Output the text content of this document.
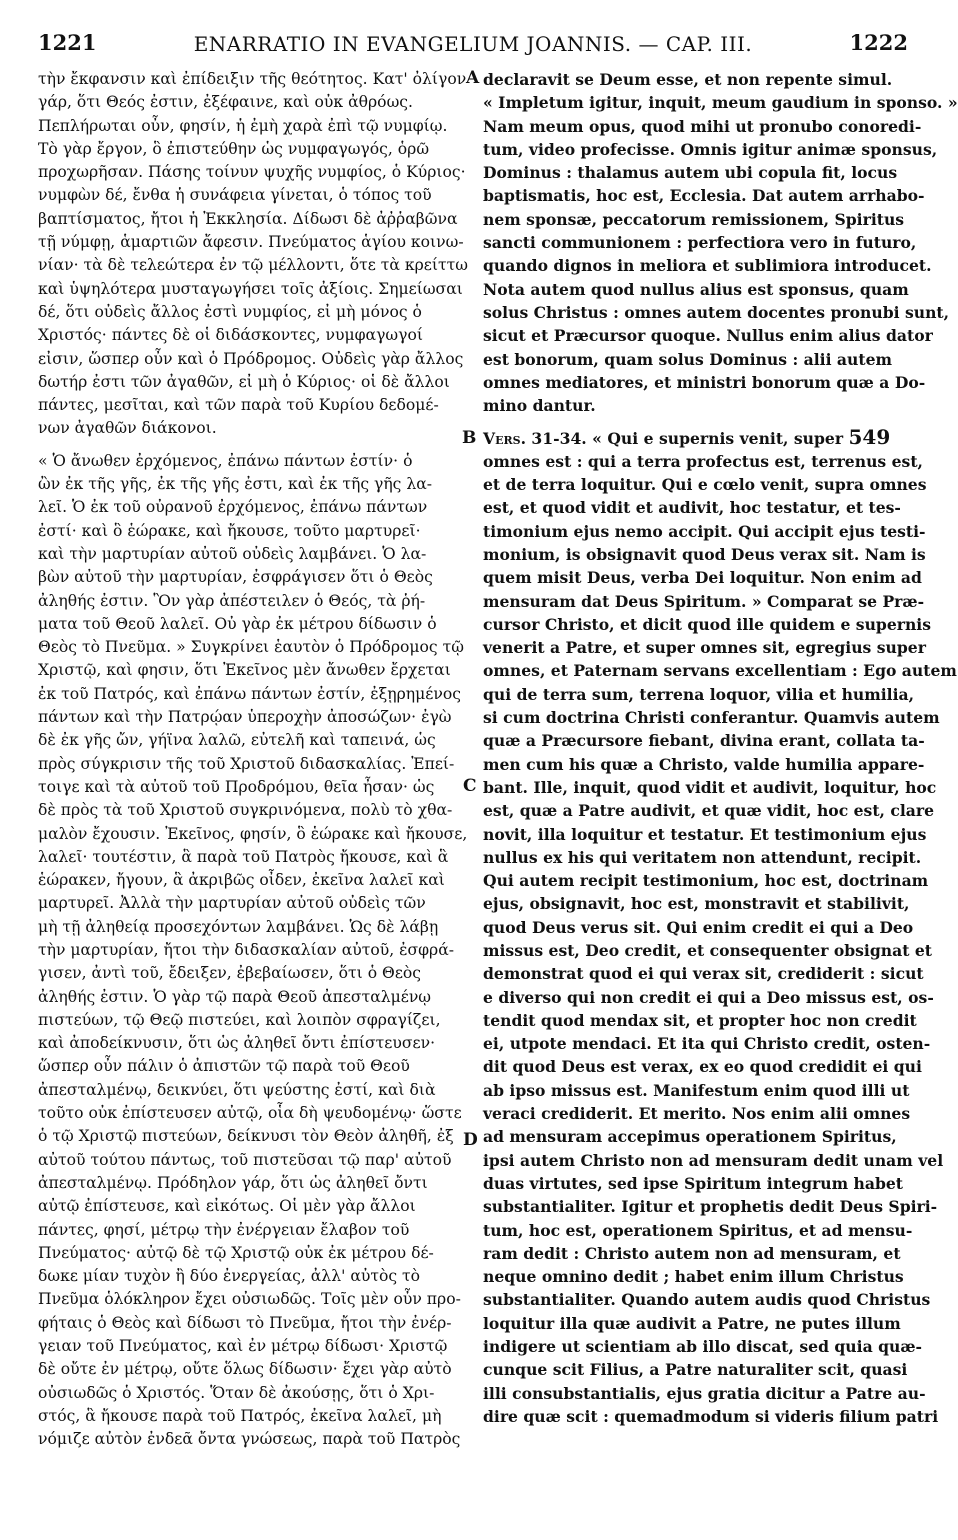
1221	ENARRATIO IN EVANGELIUM JOANNIS. — CAP. III.	1222
A
B
C
D
τὴν ἔκφανσιν καὶ ἐπίδειξιν τῆς θεότητος. Κατ' ὀλίγον
γάρ, ὅτι Θεός ἐστιν, ἐξέφαινε, καὶ οὐκ ἀθρόως.
Πεπλήρωται οὖν, φησίν, ἡ ἐμὴ χαρὰ ἐπὶ τῷ νυμφίῳ.
Τὸ γὰρ ἔργον, ὃ ἐπιστεύθην ὡς νυμφαγωγός, ὁρῶ
προχωρῆσαν. Πάσης τοίνυν ψυχῆς νυμφίος, ὁ Κύριος·
νυμφὼν δέ, ἔνθα ἡ συνάφεια γίνεται, ὁ τόπος τοῦ
βαπτίσματος, ἤτοι ἡ Ἐκκλησία. Δίδωσι δὲ ἀῤῥαβῶνα
τῇ νύμφῃ, ἁμαρτιῶν ἄφεσιν. Πνεύματος ἁγίου κοινω-
νίαν· τὰ δὲ τελεώτερα ἐν τῷ μέλλοντι, ὅτε τὰ κρείττω
καὶ ὑψηλότερα μυσταγωγήσει τοῖς ἀξίοις. Σημείωσαι
δέ, ὅτι οὐδεὶς ἄλλος ἐστὶ νυμφίος, εἰ μὴ μόνος ὁ
Χριστός· πάντες δὲ οἱ διδάσκοντες, νυμφαγωγοί
εἰσιν, ὥσπερ οὖν καὶ ὁ Πρόδρομος. Οὐδεὶς γὰρ ἄλλος
δωτήρ ἐστι τῶν ἀγαθῶν, εἰ μὴ ὁ Κύριος· οἱ δὲ ἄλλοι
πάντες, μεσῖται, καὶ τῶν παρὰ τοῦ Κυρίου δεδομέ-
νων ἀγαθῶν διάκονοι.
« Ὁ ἄνωθεν ἐρχόμενος, ἐπάνω πάντων ἐστίν· ὁ
ὢν ἐκ τῆς γῆς, ἐκ τῆς γῆς ἐστι, καὶ ἐκ τῆς γῆς λα-
λεῖ. Ὁ ἐκ τοῦ οὐρανοῦ ἐρχόμενος, ἐπάνω πάντων
ἐστί· καὶ ὃ ἑώρακε, καὶ ἤκουσε, τοῦτο μαρτυρεῖ·
καὶ τὴν μαρτυρίαν αὐτοῦ οὐδεὶς λαμβάνει. Ὁ λα-
βὼν αὐτοῦ τὴν μαρτυρίαν, ἐσφράγισεν ὅτι ὁ Θεὸς
ἀληθής ἐστιν. Ὃν γὰρ ἀπέστειλεν ὁ Θεός, τὰ ῥή-
ματα τοῦ Θεοῦ λαλεῖ. Οὐ γὰρ ἐκ μέτρου δίδωσιν ὁ
Θεὸς τὸ Πνεῦμα. » Συγκρίνει ἑαυτὸν ὁ Πρόδρομος τῷ
Χριστῷ, καὶ φησιν, ὅτι Ἐκεῖνος μὲν ἄνωθεν ἔρχεται
ἐκ τοῦ Πατρός, καὶ ἐπάνω πάντων ἐστίν, ἐξῃρημένος
πάντων καὶ τὴν Πατρῴαν ὑπεροχὴν ἀποσώζων· ἐγὼ
δὲ ἐκ γῆς ὤν, γήϊνα λαλῶ, εὐτελῆ καὶ ταπεινά, ὡς
πρὸς σύγκρισιν τῆς τοῦ Χριστοῦ διδασκαλίας. Ἐπεί-
τοιγε καὶ τὰ αὐτοῦ τοῦ Προδρόμου, θεῖα ἦσαν· ὡς
δὲ πρὸς τὰ τοῦ Χριστοῦ συγκρινόμενα, πολὺ τὸ χθα-
μαλὸν ἔχουσιν. Ἐκεῖνος, φησίν, ὃ ἑώρακε καὶ ἤκουσε,
λαλεῖ· τουτέστιν, ἃ παρὰ τοῦ Πατρὸς ἤκουσε, καὶ ἃ
ἑώρακεν, ἤγουν, ἃ ἀκριβῶς οἶδεν, ἐκεῖνα λαλεῖ καὶ
μαρτυρεῖ. Ἀλλὰ τὴν μαρτυρίαν αὐτοῦ οὐδεὶς τῶν
μὴ τῇ ἀληθείᾳ προσεχόντων λαμβάνει. Ὡς δὲ λάβῃ
τὴν μαρτυρίαν, ἤτοι τὴν διδασκαλίαν αὐτοῦ, ἐσφρά-
γισεν, ἀντὶ τοῦ, ἔδειξεν, ἐβεβαίωσεν, ὅτι ὁ Θεὸς
ἀληθής ἐστιν. Ὁ γὰρ τῷ παρὰ Θεοῦ ἀπεσταλμένῳ
πιστεύων, τῷ Θεῷ πιστεύει, καὶ λοιπὸν σφραγίζει,
καὶ ἀποδείκνυσιν, ὅτι ὡς ἀληθεῖ ὄντι ἐπίστευσεν·
ὥσπερ οὖν πάλιν ὁ ἀπιστῶν τῷ παρὰ τοῦ Θεοῦ
ἀπεσταλμένῳ, δεικνύει, ὅτι ψεύστης ἐστί, καὶ διὰ
τοῦτο οὐκ ἐπίστευσεν αὐτῷ, οἷα δὴ ψευδομένῳ· ὥστε
ὁ τῷ Χριστῷ πιστεύων, δείκνυσι τὸν Θεὸν ἀληθῆ, ἐξ
αὐτοῦ τούτου πάντως, τοῦ πιστεῦσαι τῷ παρ' αὐτοῦ
ἀπεσταλμένῳ. Πρόδηλον γάρ, ὅτι ὡς ἀληθεῖ ὄντι
αὐτῷ ἐπίστευσε, καὶ εἰκότως. Οἱ μὲν γὰρ ἄλλοι
πάντες, φησί, μέτρῳ τὴν ἐνέργειαν ἔλαβον τοῦ
Πνεύματος· αὐτῷ δὲ τῷ Χριστῷ οὐκ ἐκ μέτρου δέ-
δωκε μίαν τυχὸν ἢ δύο ἐνεργείας, ἀλλ' αὐτὸς τὸ
Πνεῦμα ὁλόκληρον ἔχει οὐσιωδῶς. Τοῖς μὲν οὖν προ-
φήταις ὁ Θεὸς καὶ δίδωσι τὸ Πνεῦμα, ἤτοι τὴν ἐνέρ-
γειαν τοῦ Πνεύματος, καὶ ἐν μέτρῳ δίδωσι· Χριστῷ
δὲ οὔτε ἐν μέτρῳ, οὔτε ὅλως δίδωσιν· ἔχει γὰρ αὐτὸ
οὐσιωδῶς ὁ Χριστός. Ὅταν δὲ ἀκούσῃς, ὅτι ὁ Χρι-
στός, ἃ ἤκουσε παρὰ τοῦ Πατρός, ἐκεῖνα λαλεῖ, μὴ
νόμιζε αὐτὸν ἐνδεᾶ ὄντα γνώσεως, παρὰ τοῦ Πατρὸς
declaravit se Deum esse, et non repente simul.
« Impletum igitur, inquit, meum gaudium in sponso. »
Nam meum opus, quod mihi ut pronubo conoredi-
tum, video profecisse. Omnis igitur animæ sponsus,
Dominus : thalamus autem ubi copula fit, locus
baptismatis, hoc est, Ecclesia. Dat autem arrhabo-
nem sponsæ, peccatorum remissionem, Spiritus
sancti communionem : perfectiora vero in futuro,
quando dignos in meliora et sublimiora introducet.
Nota autem quod nullus alius est sponsus, quam
solus Christus : omnes autem docentes pronubi sunt,
sicut et Præcursor quoque. Nullus enim alius dator
est bonorum, quam solus Dominus : alii autem
omnes mediatores, et ministri bonorum quæ a Do-
mino dantur.
Vers. 31-34. « Qui e supernis venit, super 549
omnes est : qui a terra profectus est, terrenus est,
et de terra loquitur. Qui e cœlo venit, supra omnes
est, et quod vidit et audivit, hoc testatur, et tes-
timonium ejus nemo accipit. Qui accipit ejus testi-
monium, is obsignavit quod Deus verax sit. Nam is
quem misit Deus, verba Dei loquitur. Non enim ad
mensuram dat Deus Spiritum. » Comparat se Præ-
cursor Christo, et dicit quod ille quidem e supernis
venerit a Patre, et super omnes sit, egregius super
omnes, et Paternam servans excellentiam : Ego autem
qui de terra sum, terrena loquor, vilia et humilia,
si cum doctrina Christi conferantur. Quamvis autem
quæ a Præcursore fiebant, divina erant, collata ta-
men cum his quæ a Christo, valde humilia appare-
bant. Ille, inquit, quod vidit et audivit, loquitur, hoc
est, quæ a Patre audivit, et quæ vidit, hoc est, clare
novit, illa loquitur et testatur. Et testimonium ejus
nullus ex his qui veritatem non attendunt, recipit.
Qui autem recipit testimonium, hoc est, doctrinam
ejus, obsignavit, hoc est, monstravit et stabilivit,
quod Deus verus sit. Qui enim credit ei qui a Deo
missus est, Deo credit, et consequenter obsignat et
demonstrat quod ei qui verax sit, crediderit : sicut
e diverso qui non credit ei qui a Deo missus est, os-
tendit quod mendax sit, et propter hoc non credit
ei, utpote mendaci. Et ita qui Christo credit, osten-
dit quod Deus est verax, ex eo quod credidit ei qui
ab ipso missus est. Manifestum enim quod illi ut
veraci crediderit. Et merito. Nos enim alii omnes
ad mensuram accepimus operationem Spiritus,
ipsi autem Christo non ad mensuram dedit unam vel
duas virtutes, sed ipse Spiritum integrum habet
substantialiter. Igitur et prophetis dedit Deus Spiri-
tum, hoc est, operationem Spiritus, et ad mensu-
ram dedit : Christo autem non ad mensuram, et
neque omnino dedit ; habet enim illum Christus
substantialiter. Quando autem audis quod Christus
loquitur illa quæ audivit a Patre, ne putes illum
indigere ut scientiam ab illo discat, sed quia quæ-
cunque scit Filius, a Patre naturaliter scit, quasi
illi consubstantialis, ejus gratia dicitur a Patre au-
dire quæ scit : quemadmodum si videris filium patri
